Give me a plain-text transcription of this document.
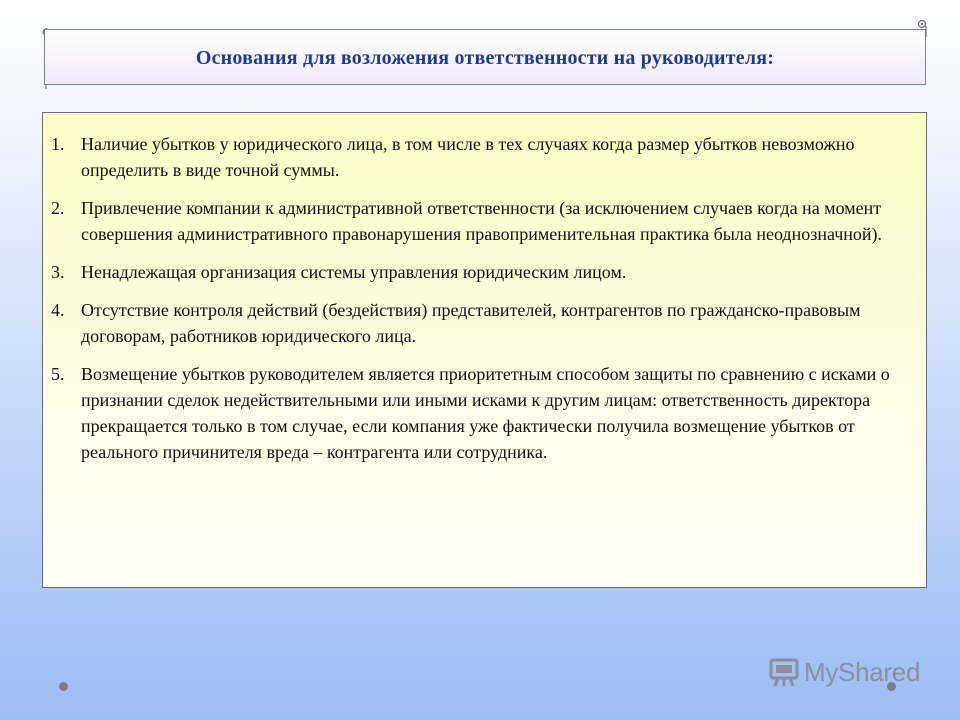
Основания для возложения ответственности на руководителя:
1. Наличие убытков у юридического лица, в том числе в тех случаях когда размер убытков невозможно определить в виде точной суммы.
2. Привлечение компании к административной ответственности (за исключением случаев когда на момент совершения административного правонарушения правоприменительная практика была неоднозначной).
3. Ненадлежащая организация системы управления юридическим лицом.
4. Отсутствие контроля действий (бездействия) представителей, контрагентов по гражданско-правовым договорам, работников юридического лица.
5. Возмещение убытков руководителем является приоритетным способом защиты по сравнению с исками о признании сделок недействительными или иными исками к другим лицам: ответственность директора прекращается только в том случае, если компания уже фактически получила возмещение убытков от реального причинителя вреда – контрагента или сотрудника.
MyShared
